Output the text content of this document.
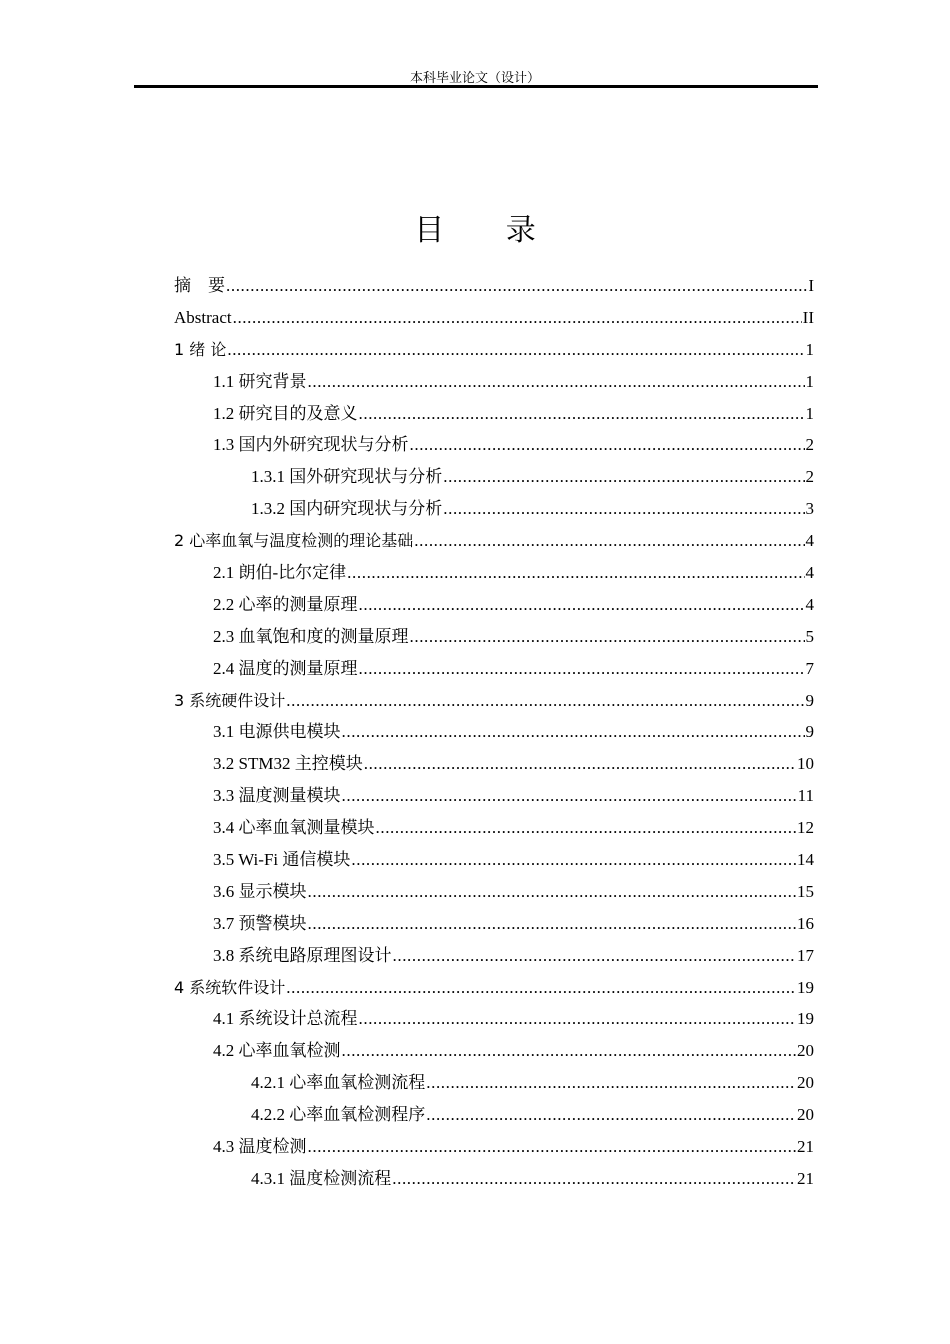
本科毕业论文（设计）
目 录
摘　要 .....	I
Abstract .....	II
1 绪 论 .....	1
1.1 研究背景 .....	1
1.2 研究目的及意义 .....	1
1.3 国内外研究现状与分析 .....	2
1.3.1 国外研究现状与分析 .....	2
1.3.2 国内研究现状与分析 .....	3
2 心率血氧与温度检测的理论基础 .....	4
2.1 朗伯-比尔定律 .....	4
2.2 心率的测量原理 .....	4
2.3 血氧饱和度的测量原理 .....	5
2.4 温度的测量原理 .....	7
3 系统硬件设计 .....	9
3.1 电源供电模块 .....	9
3.2 STM32 主控模块 .....	10
3.3 温度测量模块 .....	11
3.4 心率血氧测量模块 .....	12
3.5 Wi-Fi 通信模块 .....	14
3.6 显示模块 .....	15
3.7 预警模块 .....	16
3.8 系统电路原理图设计 .....	17
4 系统软件设计 .....	19
4.1 系统设计总流程 .....	19
4.2 心率血氧检测 .....	20
4.2.1 心率血氧检测流程 .....	20
4.2.2 心率血氧检测程序 .....	20
4.3 温度检测 .....	21
4.3.1 温度检测流程 .....	21
